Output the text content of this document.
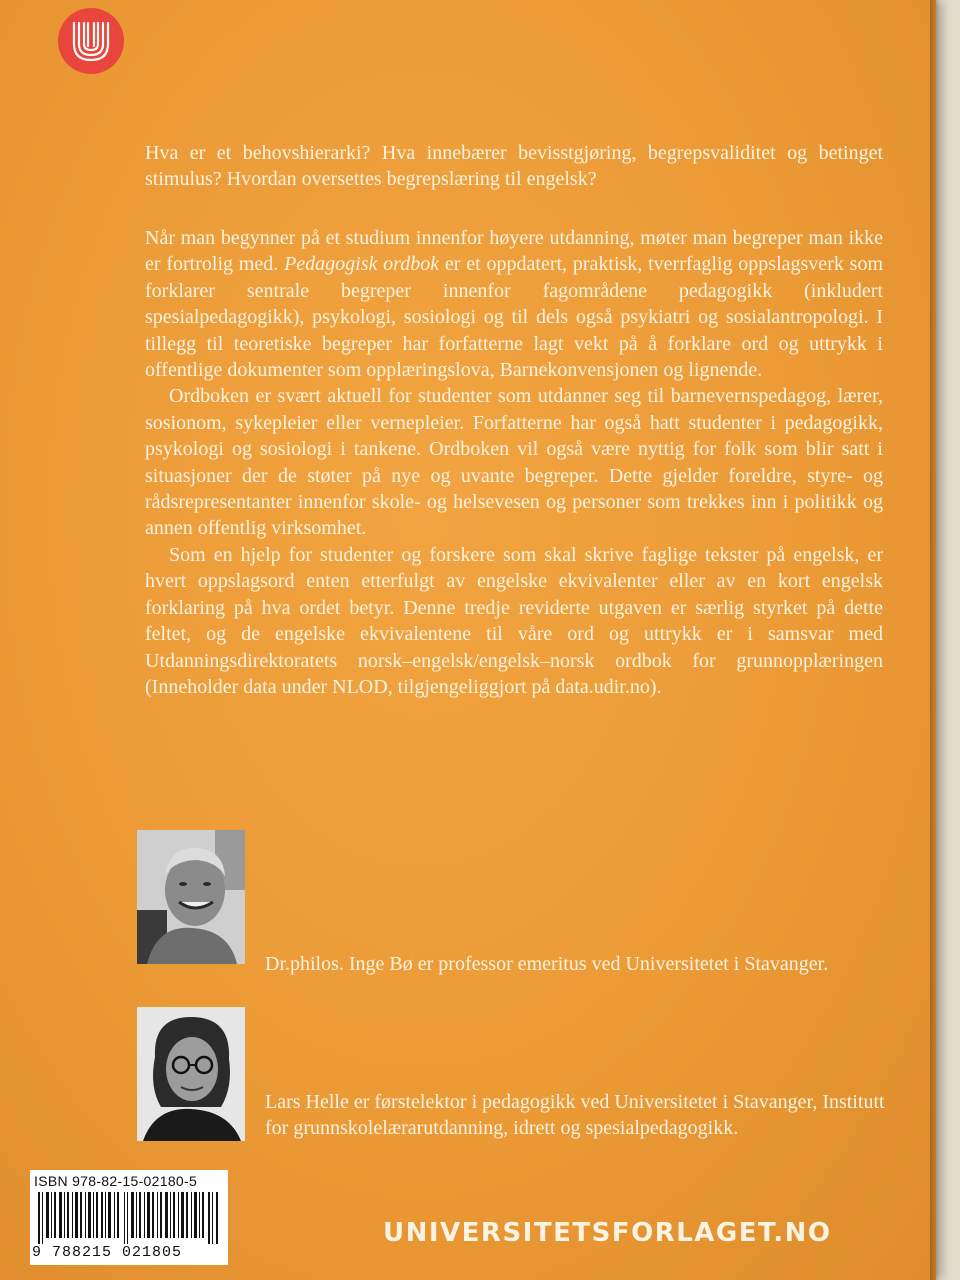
Hva er et behovshierarki? Hva innebærer bevisstgjøring, begrepsvaliditet og betinget stimulus? Hvordan oversettes begrepslæring til engelsk?

Når man begynner på et studium innenfor høyere utdanning, møter man begreper man ikke er fortrolig med. Pedagogisk ordbok er et oppdatert, praktisk, tverrfaglig oppslagsverk som forklarer sentrale begreper innenfor fagområdene pedagogikk (inkludert spesialpedagogikk), psykologi, sosiologi og til dels også psykiatri og sosialantropologi. I tillegg til teoretiske begreper har forfatterne lagt vekt på å forklare ord og uttrykk i offentlige dokumenter som opplæringslova, Barnekonvensjonen og lignende.

Ordboken er svært aktuell for studenter som utdanner seg til barnevernspedagog, lærer, sosionom, sykepleier eller vernepleier. Forfatterne har også hatt studenter i pedagogikk, psykologi og sosiologi i tankene. Ordboken vil også være nyttig for folk som blir satt i situasjoner der de støter på nye og uvante begreper. Dette gjelder foreldre, styre- og rådsrepresentanter innenfor skole- og helsevesen og personer som trekkes inn i politikk og annen offentlig virksomhet.

Som en hjelp for studenter og forskere som skal skrive faglige tekster på engelsk, er hvert oppslagsord enten etterfulgt av engelske ekvivalenter eller av en kort engelsk forklaring på hva ordet betyr. Denne tredje reviderte utgaven er særlig styrket på dette feltet, og de engelske ekvivalentene til våre ord og uttrykk er i samsvar med Utdanningsdirektoratets norsk–engelsk/engelsk–norsk ordbok for grunnopplæringen (Inneholder data under NLOD, tilgjengeliggjort på data.udir.no).

Dr.philos. Inge Bø er professor emeritus ved Universitetet i Stavanger.

Lars Helle er førstelektor i pedagogikk ved Universitetet i Stavanger, Institutt for grunnskolelærarutdanning, idrett og spesialpedagogikk.

ISBN 978-82-15-02180-5
9 788215 021805
UNIVERSITETSFORLAGET.NO
